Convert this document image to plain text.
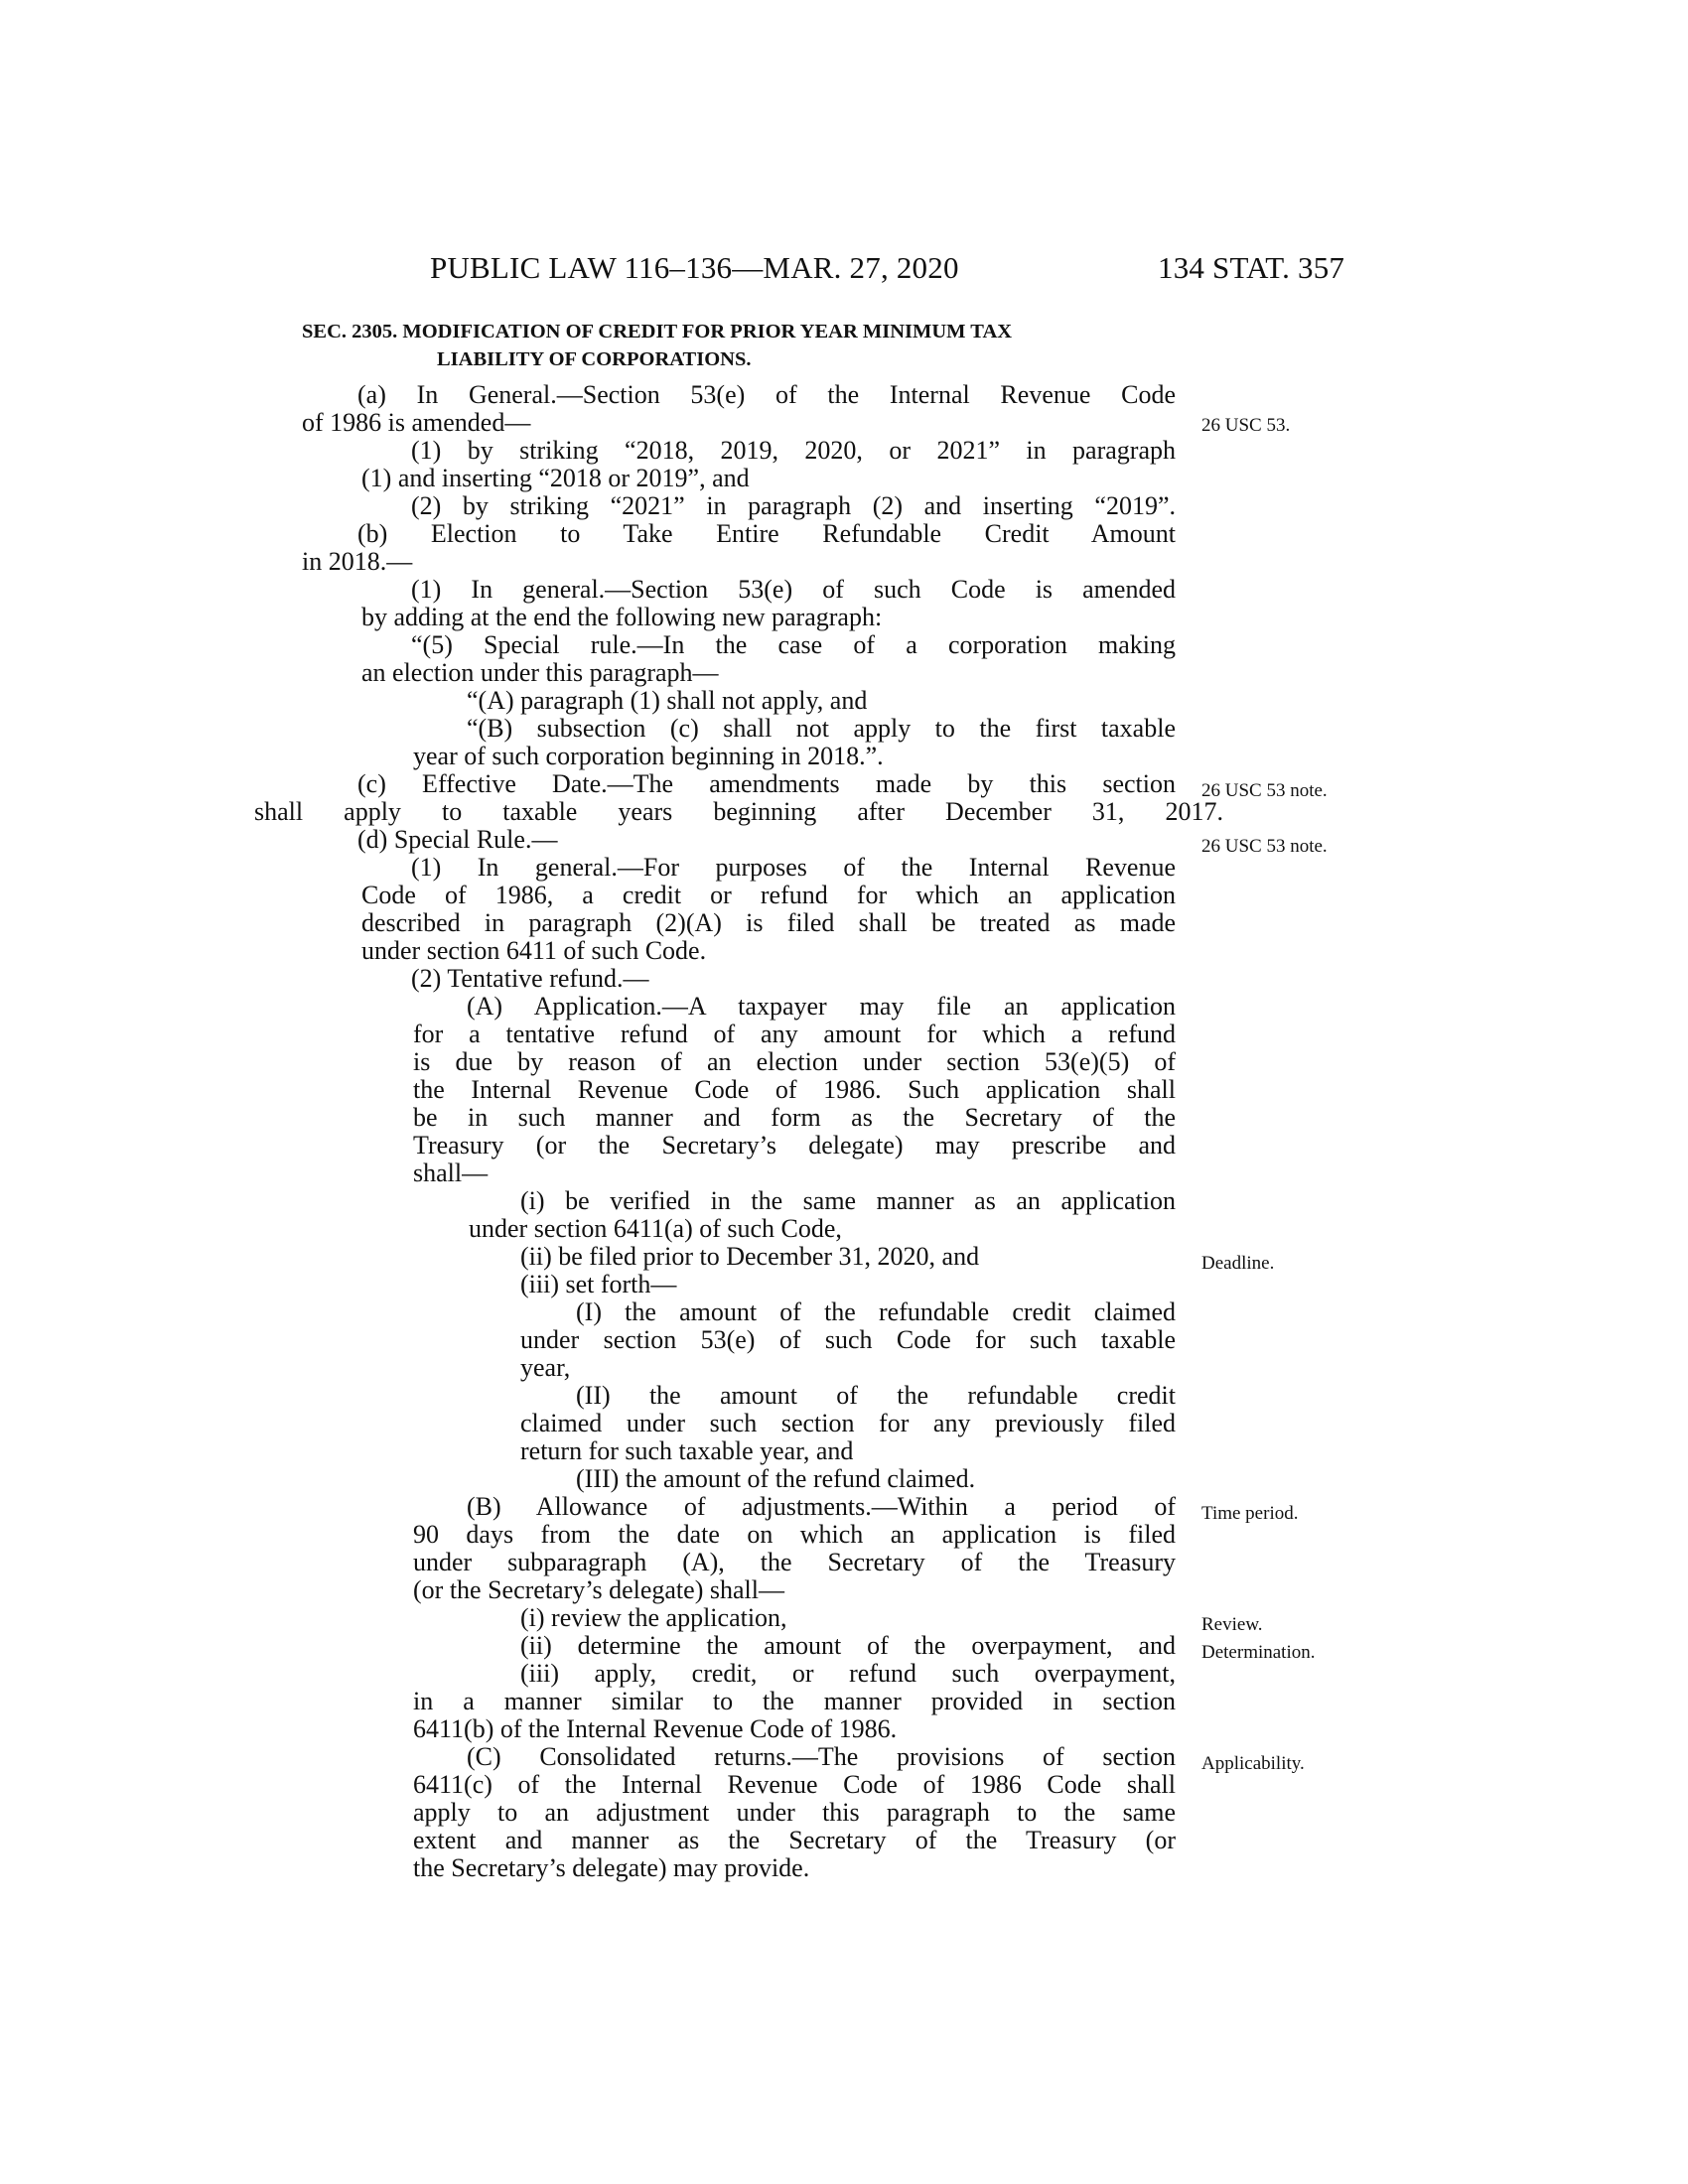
PUBLIC LAW 116–136—MAR. 27, 2020	134 STAT. 357
SEC. 2305. MODIFICATION OF CREDIT FOR PRIOR YEAR MINIMUM TAX
LIABILITY OF CORPORATIONS.
(a) In General.—Section 53(e) of the Internal Revenue Code
of 1986 is amended—
(1) by striking “2018, 2019, 2020, or 2021” in paragraph
(1) and inserting “2018 or 2019”, and
(2) by striking “2021” in paragraph (2) and inserting “2019”.
(b) Election to Take Entire Refundable Credit Amount
in 2018.—
(1) In general.—Section 53(e) of such Code is amended
by adding at the end the following new paragraph:
“(5) Special rule.—In the case of a corporation making
an election under this paragraph—
“(A) paragraph (1) shall not apply, and
“(B) subsection (c) shall not apply to the first taxable
year of such corporation beginning in 2018.”.
(c) Effective Date.—The amendments made by this section
shall apply to taxable years beginning after December 31, 2017.
(d) Special Rule.—
(1) In general.—For purposes of the Internal Revenue
Code of 1986, a credit or refund for which an application
described in paragraph (2)(A) is filed shall be treated as made
under section 6411 of such Code.
(2) Tentative refund.—
(A) Application.—A taxpayer may file an application
for a tentative refund of any amount for which a refund
is due by reason of an election under section 53(e)(5) of
the Internal Revenue Code of 1986. Such application shall
be in such manner and form as the Secretary of the
Treasury (or the Secretary’s delegate) may prescribe and
shall—
(i) be verified in the same manner as an application
under section 6411(a) of such Code,
(ii) be filed prior to December 31, 2020, and
(iii) set forth—
(I) the amount of the refundable credit claimed
under section 53(e) of such Code for such taxable
year,
(II) the amount of the refundable credit
claimed under such section for any previously filed
return for such taxable year, and
(III) the amount of the refund claimed.
(B) Allowance of adjustments.—Within a period of
90 days from the date on which an application is filed
under subparagraph (A), the Secretary of the Treasury
(or the Secretary’s delegate) shall—
(i) review the application,
(ii) determine the amount of the overpayment, and
(iii) apply, credit, or refund such overpayment,
in a manner similar to the manner provided in section
6411(b) of the Internal Revenue Code of 1986.
(C) Consolidated returns.—The provisions of section
6411(c) of the Internal Revenue Code of 1986 Code shall
apply to an adjustment under this paragraph to the same
extent and manner as the Secretary of the Treasury (or
the Secretary’s delegate) may provide.
26 USC 53.
26 USC 53 note.
26 USC 53 note.
Deadline.
Time period.
Review.
Determination.
Applicability.
